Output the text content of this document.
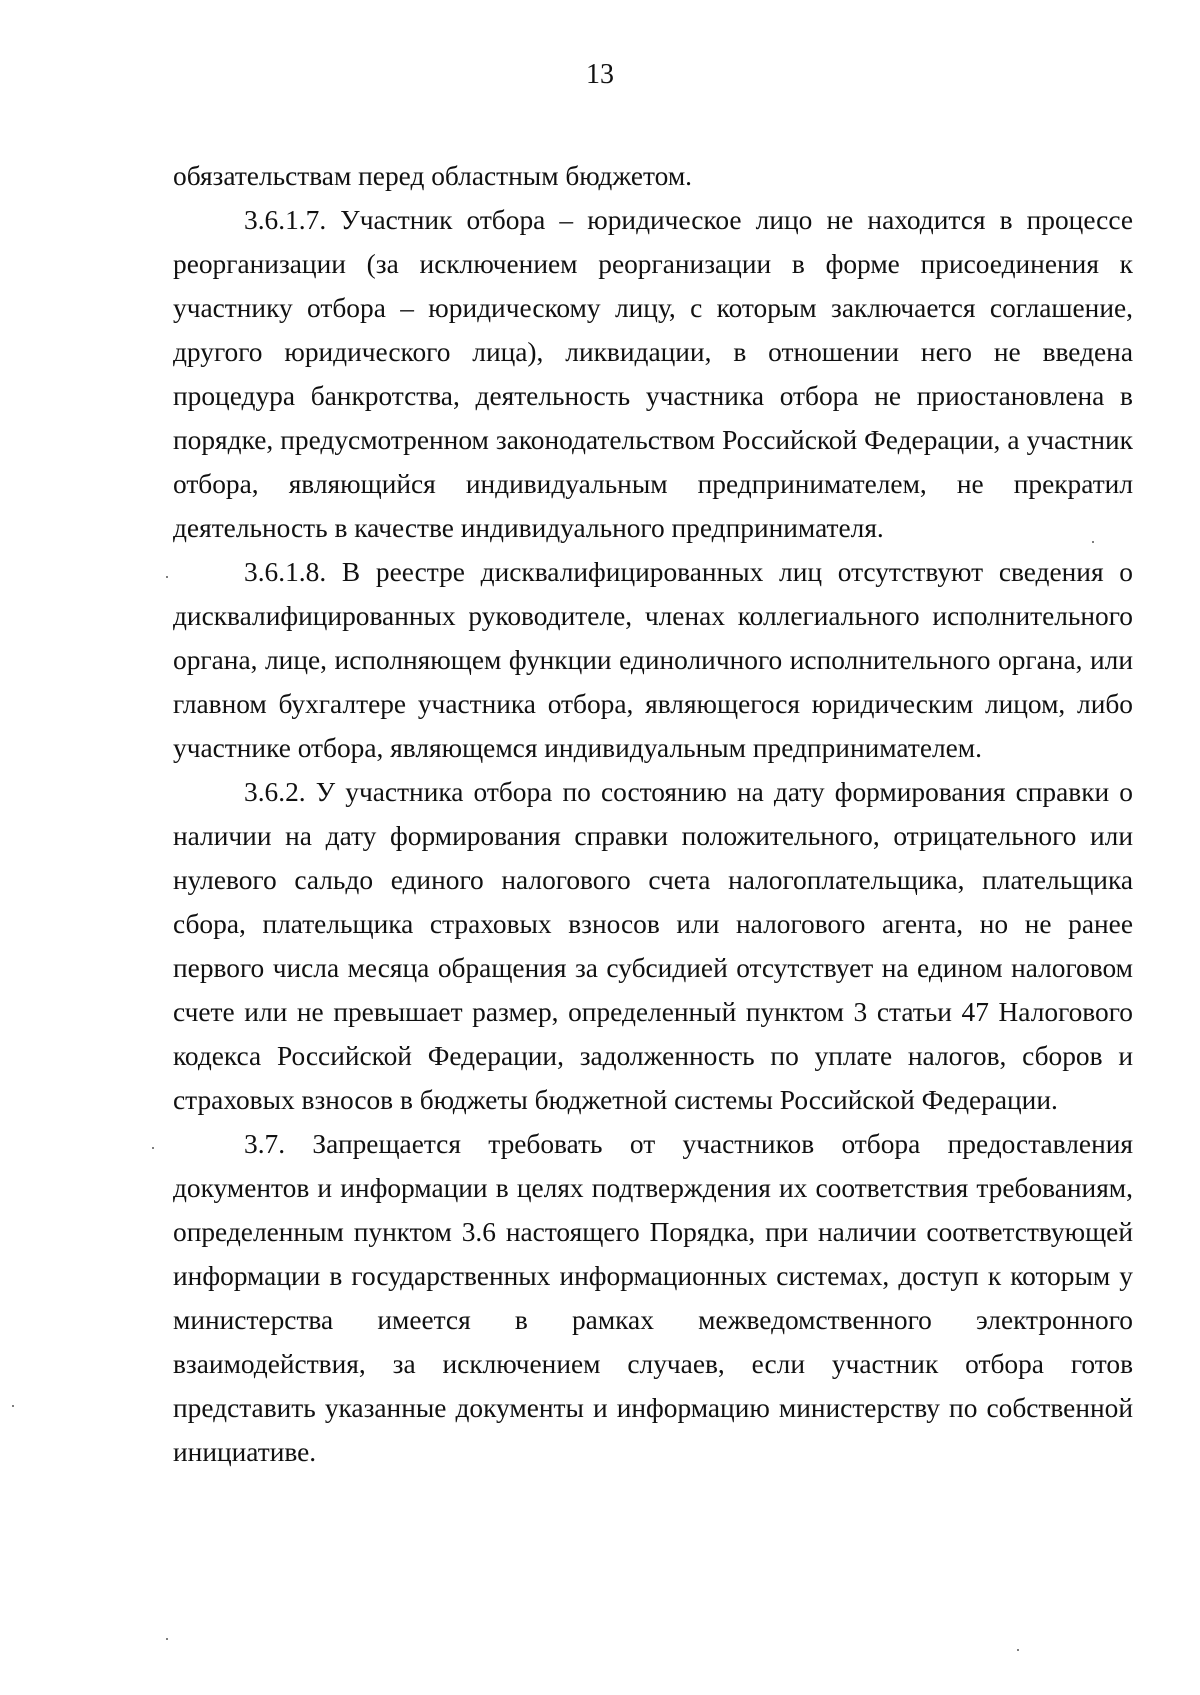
13

обязательствам перед областным бюджетом.

3.6.1.7. Участник отбора – юридическое лицо не находится в процессе реорганизации (за исключением реорганизации в форме присоединения к участнику отбора – юридическому лицу, с которым заключается соглашение, другого юридического лица), ликвидации, в отношении него не введена процедура банкротства, деятельность участника отбора не приостановлена в порядке, предусмотренном законодательством Российской Федерации, а участник отбора, являющийся индивидуальным предпринимателем, не прекратил деятельность в качестве индивидуального предпринимателя.

3.6.1.8. В реестре дисквалифицированных лиц отсутствуют сведения о дисквалифицированных руководителе, членах коллегиального исполнительного органа, лице, исполняющем функции единоличного исполнительного органа, или главном бухгалтере участника отбора, являющегося юридическим лицом, либо участнике отбора, являющемся индивидуальным предпринимателем.

3.6.2. У участника отбора по состоянию на дату формирования справки о наличии на дату формирования справки положительного, отрицательного или нулевого сальдо единого налогового счета налогоплательщика, плательщика сбора, плательщика страховых взносов или налогового агента, но не ранее первого числа месяца обращения за субсидией отсутствует на едином налоговом счете или не превышает размер, определенный пунктом 3 статьи 47 Налогового кодекса Российской Федерации, задолженность по уплате налогов, сборов и страховых взносов в бюджеты бюджетной системы Российской Федерации.

3.7. Запрещается требовать от участников отбора предоставления документов и информации в целях подтверждения их соответствия требованиям, определенным пунктом 3.6 настоящего Порядка, при наличии соответствующей информации в государственных информационных системах, доступ к которым у министерства имеется в рамках межведомственного электронного взаимодействия, за исключением случаев, если участник отбора готов представить указанные документы и информацию министерству по собственной инициативе.
